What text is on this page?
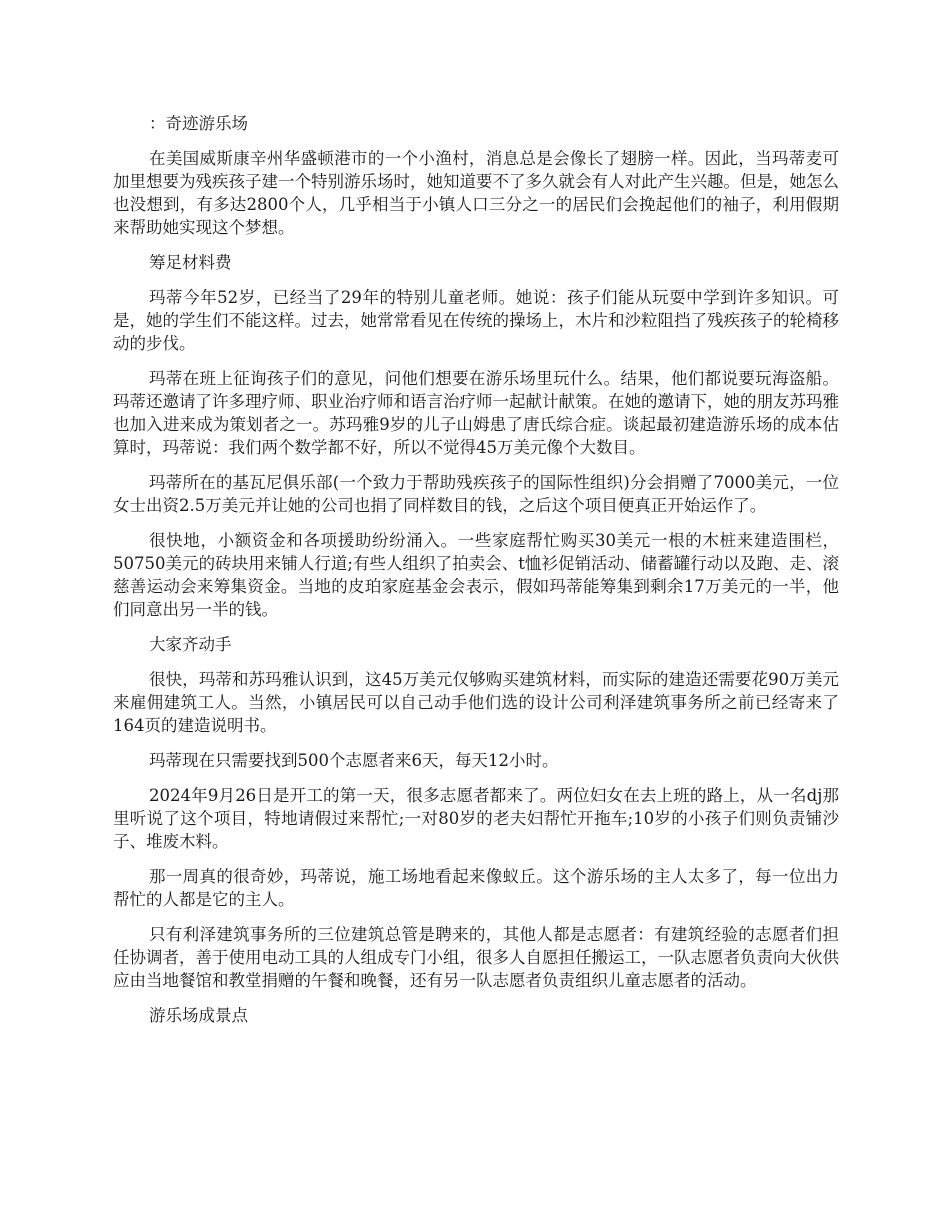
：奇迹游乐场

在美国威斯康辛州华盛顿港市的一个小渔村，消息总是会像长了翅膀一样。因此，当玛蒂麦可加里想要为残疾孩子建一个特别游乐场时，她知道要不了多久就会有人对此产生兴趣。但是，她怎么也没想到，有多达2800个人，几乎相当于小镇人口三分之一的居民们会挽起他们的袖子，利用假期来帮助她实现这个梦想。

筹足材料费

玛蒂今年52岁，已经当了29年的特别儿童老师。她说：孩子们能从玩耍中学到许多知识。可是，她的学生们不能这样。过去，她常常看见在传统的操场上，木片和沙粒阻挡了残疾孩子的轮椅移动的步伐。

玛蒂在班上征询孩子们的意见，问他们想要在游乐场里玩什么。结果，他们都说要玩海盗船。玛蒂还邀请了许多理疗师、职业治疗师和语言治疗师一起献计献策。在她的邀请下，她的朋友苏玛雅也加入进来成为策划者之一。苏玛雅9岁的儿子山姆患了唐氏综合症。谈起最初建造游乐场的成本估算时，玛蒂说：我们两个数学都不好，所以不觉得45万美元像个大数目。

玛蒂所在的基瓦尼俱乐部(一个致力于帮助残疾孩子的国际性组织)分会捐赠了7000美元，一位女士出资2.5万美元并让她的公司也捐了同样数目的钱，之后这个项目便真正开始运作了。

很快地，小额资金和各项援助纷纷涌入。一些家庭帮忙购买30美元一根的木桩来建造围栏，50750美元的砖块用来铺人行道;有些人组织了拍卖会、t恤衫促销活动、储蓄罐行动以及跑、走、滚慈善运动会来筹集资金。当地的皮珀家庭基金会表示，假如玛蒂能筹集到剩余17万美元的一半，他们同意出另一半的钱。

大家齐动手

很快，玛蒂和苏玛雅认识到，这45万美元仅够购买建筑材料，而实际的建造还需要花90万美元来雇佣建筑工人。当然，小镇居民可以自己动手他们选的设计公司利泽建筑事务所之前已经寄来了164页的建造说明书。

玛蒂现在只需要找到500个志愿者来6天，每天12小时。

2024年9月26日是开工的第一天，很多志愿者都来了。两位妇女在去上班的路上，从一名dj那里听说了这个项目，特地请假过来帮忙;一对80岁的老夫妇帮忙开拖车;10岁的小孩子们则负责铺沙子、堆废木料。

那一周真的很奇妙，玛蒂说，施工场地看起来像蚁丘。这个游乐场的主人太多了，每一位出力帮忙的人都是它的主人。

只有利泽建筑事务所的三位建筑总管是聘来的，其他人都是志愿者：有建筑经验的志愿者们担任协调者，善于使用电动工具的人组成专门小组，很多人自愿担任搬运工，一队志愿者负责向大伙供应由当地餐馆和教堂捐赠的午餐和晚餐，还有另一队志愿者负责组织儿童志愿者的活动。

游乐场成景点
